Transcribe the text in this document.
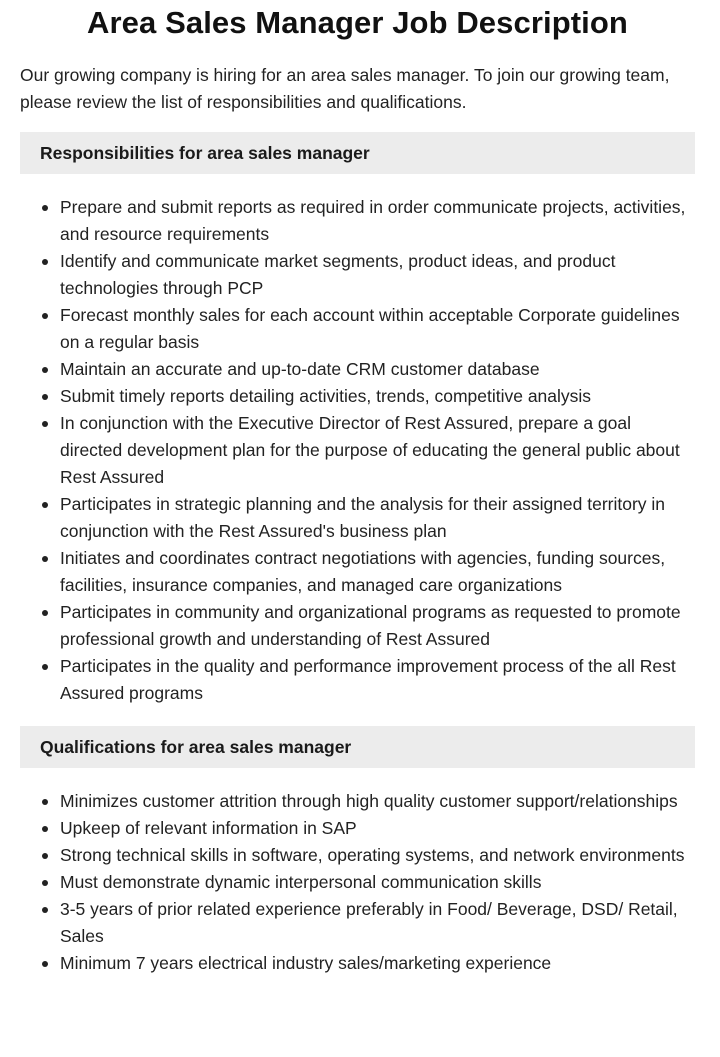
Area Sales Manager Job Description

Our growing company is hiring for an area sales manager. To join our growing team, please review the list of responsibilities and qualifications.

Responsibilities for area sales manager
Prepare and submit reports as required in order communicate projects, activities, and resource requirements
Identify and communicate market segments, product ideas, and product technologies through PCP
Forecast monthly sales for each account within acceptable Corporate guidelines on a regular basis
Maintain an accurate and up-to-date CRM customer database
Submit timely reports detailing activities, trends, competitive analysis
In conjunction with the Executive Director of Rest Assured, prepare a goal directed development plan for the purpose of educating the general public about Rest Assured
Participates in strategic planning and the analysis for their assigned territory in conjunction with the Rest Assured's business plan
Initiates and coordinates contract negotiations with agencies, funding sources, facilities, insurance companies, and managed care organizations
Participates in community and organizational programs as requested to promote professional growth and understanding of Rest Assured
Participates in the quality and performance improvement process of the all Rest Assured programs
Qualifications for area sales manager
Minimizes customer attrition through high quality customer support/relationships
Upkeep of relevant information in SAP
Strong technical skills in software, operating systems, and network environments
Must demonstrate dynamic interpersonal communication skills
3-5 years of prior related experience preferably in Food/ Beverage, DSD/ Retail, Sales
Minimum 7 years electrical industry sales/marketing experience
